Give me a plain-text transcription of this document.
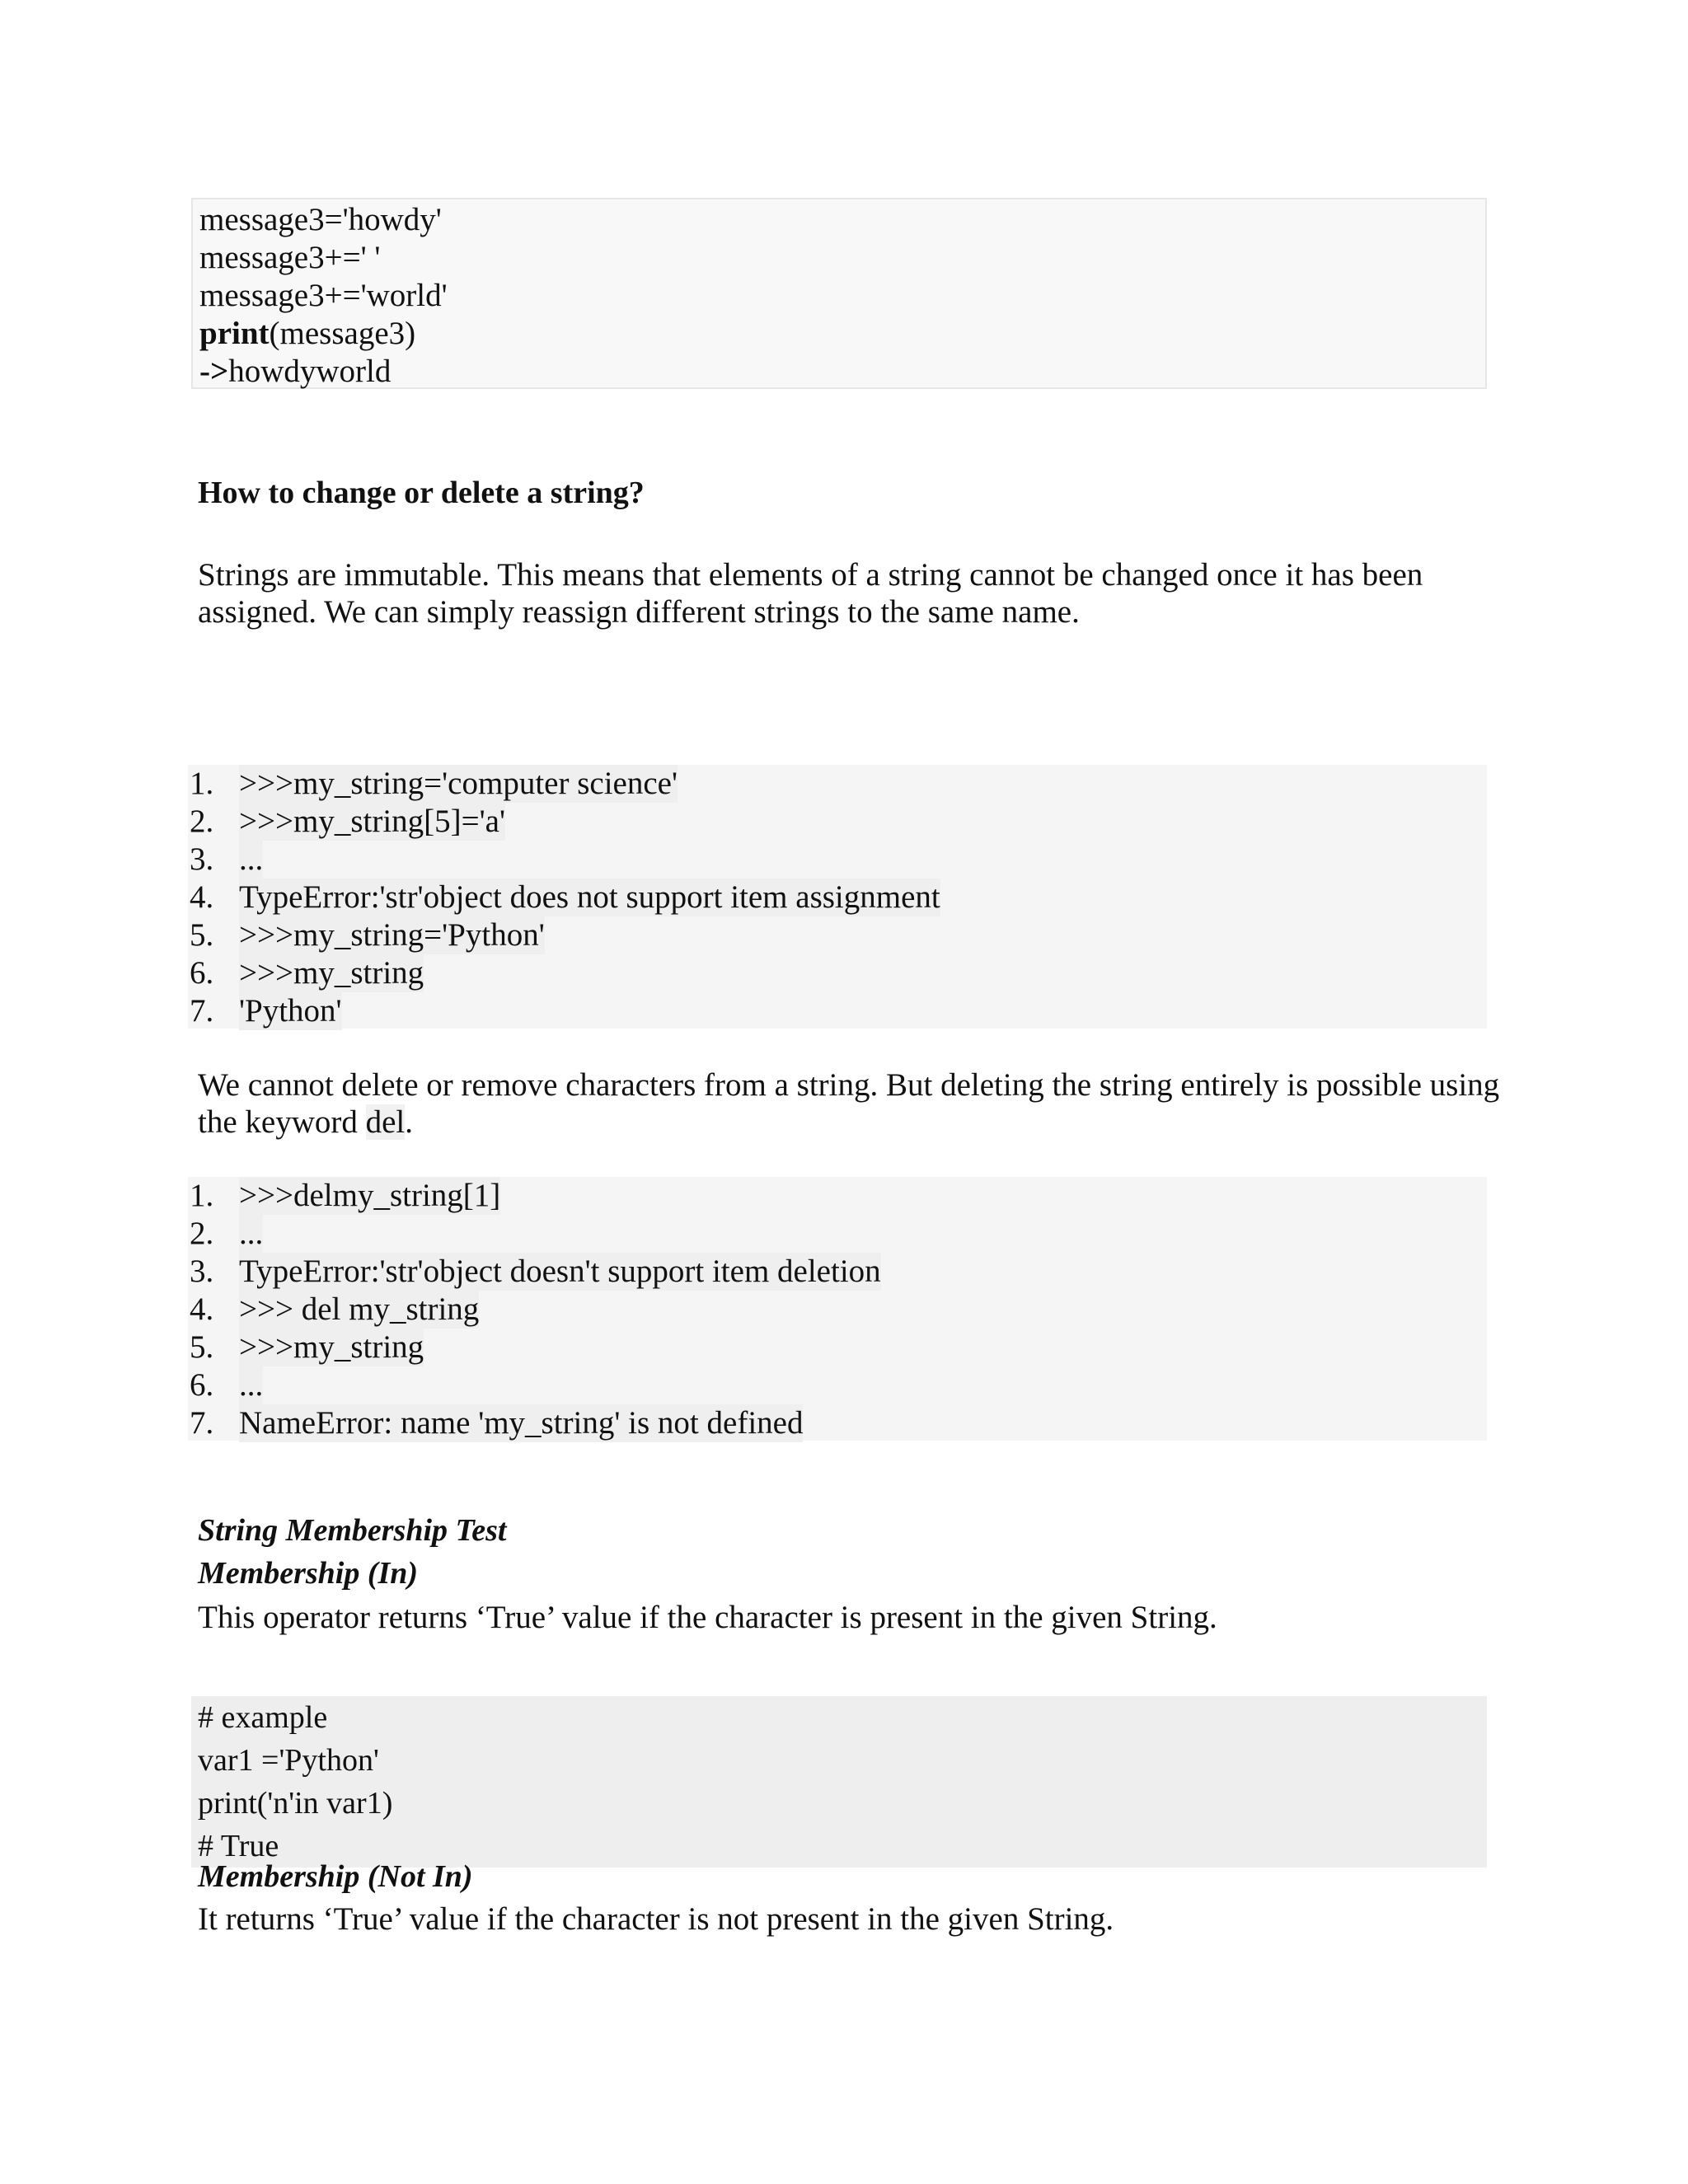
message3='howdy'
message3+=' '
message3+='world'
print(message3)
->howdyworld
How to change or delete a string?

Strings are immutable. This means that elements of a string cannot be changed once it has been assigned. We can simply reassign different strings to the same name.

1. >>>my_string='computer science'
2. >>>my_string[5]='a'
3. ...
4. TypeError:'str'object does not support item assignment
5. >>>my_string='Python'
6. >>>my_string
7. 'Python'

We cannot delete or remove characters from a string. But deleting the string entirely is possible using the keyword del.

1. >>>delmy_string[1]
2. ...
3. TypeError:'str'object doesn't support item deletion
4. >>> del my_string
5. >>>my_string
6. ...
7. NameError: name 'my_string' is not defined
String Membership Test
Membership (In)

This operator returns ‘True’ value if the character is present in the given String.

# example
var1 ='Python'
print('n'in var1)
# True
Membership (Not In)

It returns ‘True’ value if the character is not present in the given String.
